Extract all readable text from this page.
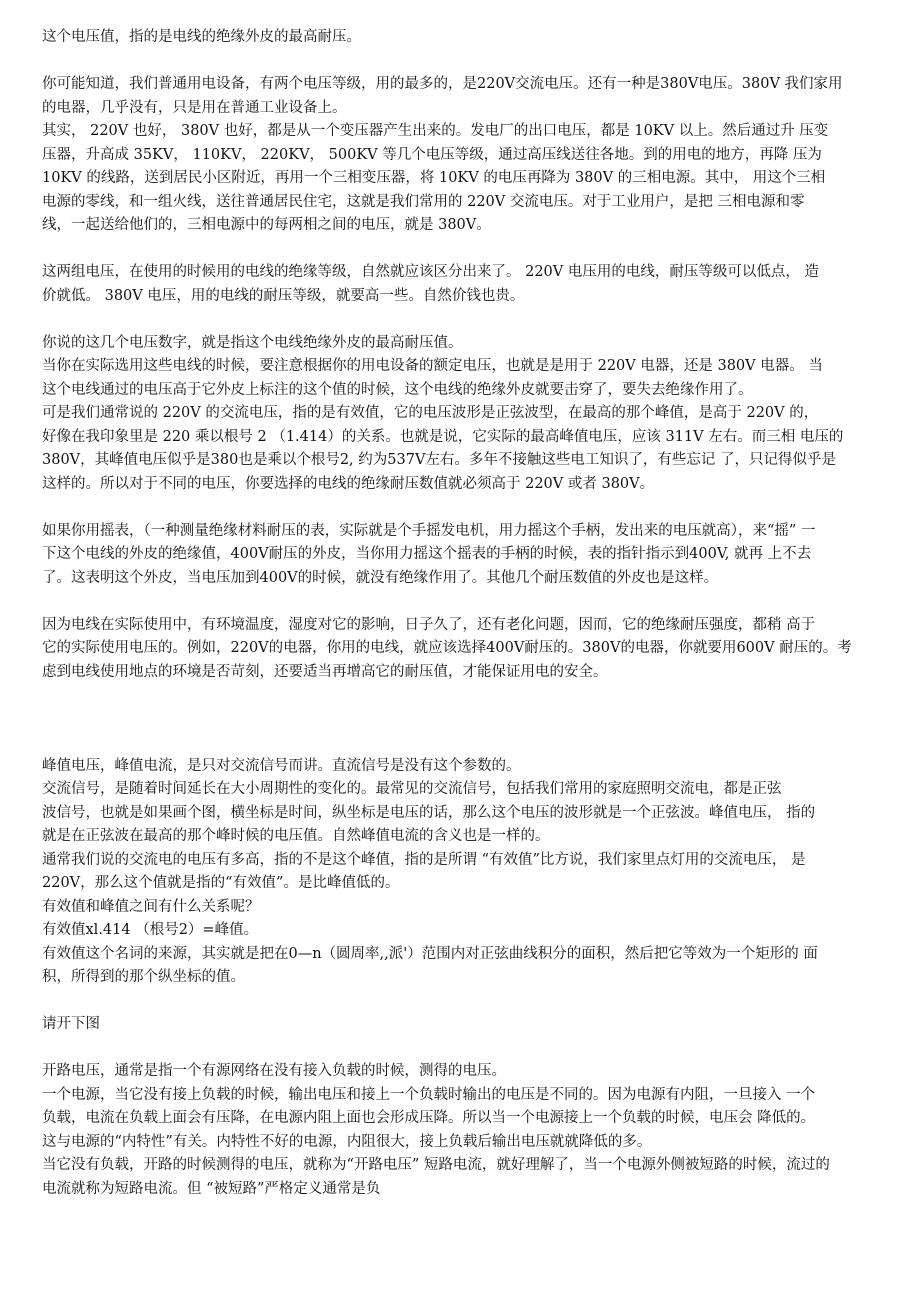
这个电压值，指的是电线的绝缘外皮的最高耐压。
你可能知道，我们普通用电设备，有两个电压等级，用的最多的，是220V交流电压。还有一种是380V电压。380V 我们家用
的电器，几乎没有，只是用在普通工业设备上。
其实， 220V 也好， 380V 也好，都是从一个变压器产生出来的。发电厂的出口电压，都是 10KV 以上。然后通过升 压变
压器，升高成 35KV， 110KV， 220KV， 500KV 等几个电压等级，通过高压线送往各地。到的用电的地方，再降 压为
10KV 的线路，送到居民小区附近，再用一个三相变压器，将 10KV 的电压再降为 380V 的三相电源。其中， 用这个三相
电源的零线，和一组火线，送往普通居民住宅，这就是我们常用的 220V 交流电压。对于工业用户，是把 三相电源和零
线，一起送给他们的，三相电源中的每两相之间的电压，就是 380V。
这两组电压，在使用的时候用的电线的绝缘等级，自然就应该区分出来了。 220V 电压用的电线，耐压等级可以低点， 造
价就低。 380V 电压，用的电线的耐压等级，就要高一些。自然价钱也贵。
你说的这几个电压数字，就是指这个电线绝缘外皮的最高耐压值。
当你在实际选用这些电线的时候，要注意根据你的用电设备的额定电压，也就是是用于 220V 电器，还是 380V 电器。 当
这个电线通过的电压高于它外皮上标注的这个值的时候，这个电线的绝缘外皮就要击穿了，要失去绝缘作用了。
可是我们通常说的 220V 的交流电压，指的是有效值，它的电压波形是正弦波型，在最高的那个峰值，是高于 220V 的，
好像在我印象里是 220 乘以根号 2 （1.414）的关系。也就是说，它实际的最高峰值电压，应该 311V 左右。而三相 电压的
380V，其峰值电压似乎是380也是乘以个根号2, 约为537V左右。多年不接触这些电工知识了，有些忘记 了，只记得似乎是
这样的。所以对于不同的电压，你要选择的电线的绝缘耐压数值就必须高于 220V 或者 380V。
如果你用摇表，（一种测量绝缘材料耐压的表，实际就是个手摇发电机，用力摇这个手柄，发出来的电压就高），来“摇” 一
下这个电线的外皮的绝缘值，400V耐压的外皮，当你用力摇这个摇表的手柄的时候，表的指针指示到400V, 就再 上不去
了。这表明这个外皮，当电压加到400V的时候，就没有绝缘作用了。其他几个耐压数值的外皮也是这样。
因为电线在实际使用中，有环境温度，湿度对它的影响，日子久了，还有老化问题，因而，它的绝缘耐压强度，都稍 高于
它的实际使用电压的。例如，220V的电器，你用的电线，就应该选择400V耐压的。380V的电器，你就要用600V 耐压的。考
虑到电线使用地点的环境是否苛刻，还要适当再增高它的耐压值，才能保证用电的安全。
峰值电压，峰值电流，是只对交流信号而讲。直流信号是没有这个参数的。
交流信号，是随着时间延长在大小周期性的变化的。最常见的交流信号，包括我们常用的家庭照明交流电，都是正弦
波信号，也就是如果画个图，横坐标是时间，纵坐标是电压的话，那么这个电压的波形就是一个正弦波。峰值电压， 指的
就是在正弦波在最高的那个峰时候的电压值。自然峰值电流的含义也是一样的。
通常我们说的交流电的电压有多高，指的不是这个峰值，指的是所谓 “有效值”比方说，我们家里点灯用的交流电压， 是
220V，那么这个值就是指的“有效值”。是比峰值低的。
有效值和峰值之间有什么关系呢？
有效值xl.414 （根号2）=峰值。
有效值这个名词的来源，其实就是把在0—n（圆周率,,派'）范围内对正弦曲线积分的面积，然后把它等效为一个矩形的 面
积，所得到的那个纵坐标的值。
请开下图
开路电压，通常是指一个有源网络在没有接入负载的时候，测得的电压。
一个电源，当它没有接上负载的时候，输出电压和接上一个负载时输出的电压是不同的。因为电源有内阻，一旦接入 一个
负载，电流在负载上面会有压降，在电源内阻上面也会形成压降。所以当一个电源接上一个负载的时候，电压会 降低的。
这与电源的“内特性”有关。内特性不好的电源，内阻很大，接上负载后输出电压就就降低的多。
当它没有负载，开路的时候测得的电压，就称为“开路电压” 短路电流，就好理解了，当一个电源外侧被短路的时候，流过的
电流就称为短路电流。但 “被短路”严格定义通常是负
